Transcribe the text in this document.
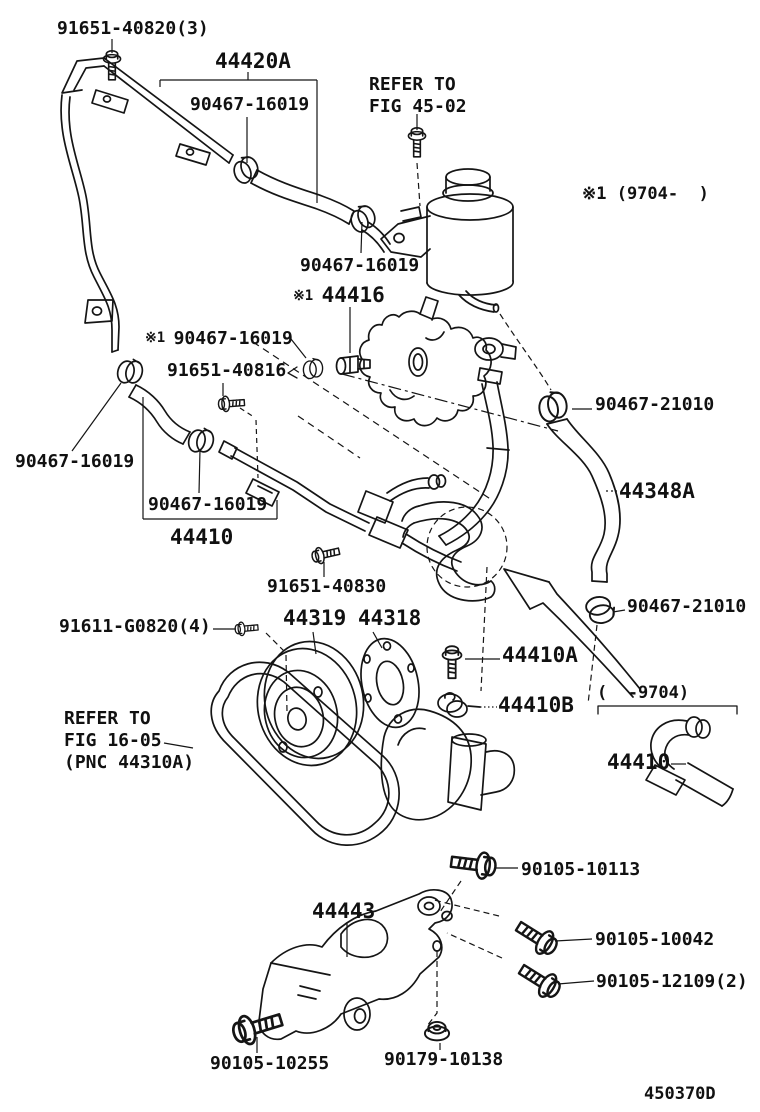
91651-40820(3)
44420A
90467-16019
REFER TO
FIG 45-02
※1 (9704-  )
90467-16019
※1 44416
※1 90467-16019
91651-40816
90467-16019
90467-16019
44410
90467-21010
44348A
91651-40830
90467-21010
91611-G0820(4)	44319 44318
44410A
44410B (  -9704)
REFER TO
FIG 16-05
(PNC 44310A)	44410
90105-10113
44443
90105-10042
90105-12109(2)
90105-10255	90179-10138
450370D
